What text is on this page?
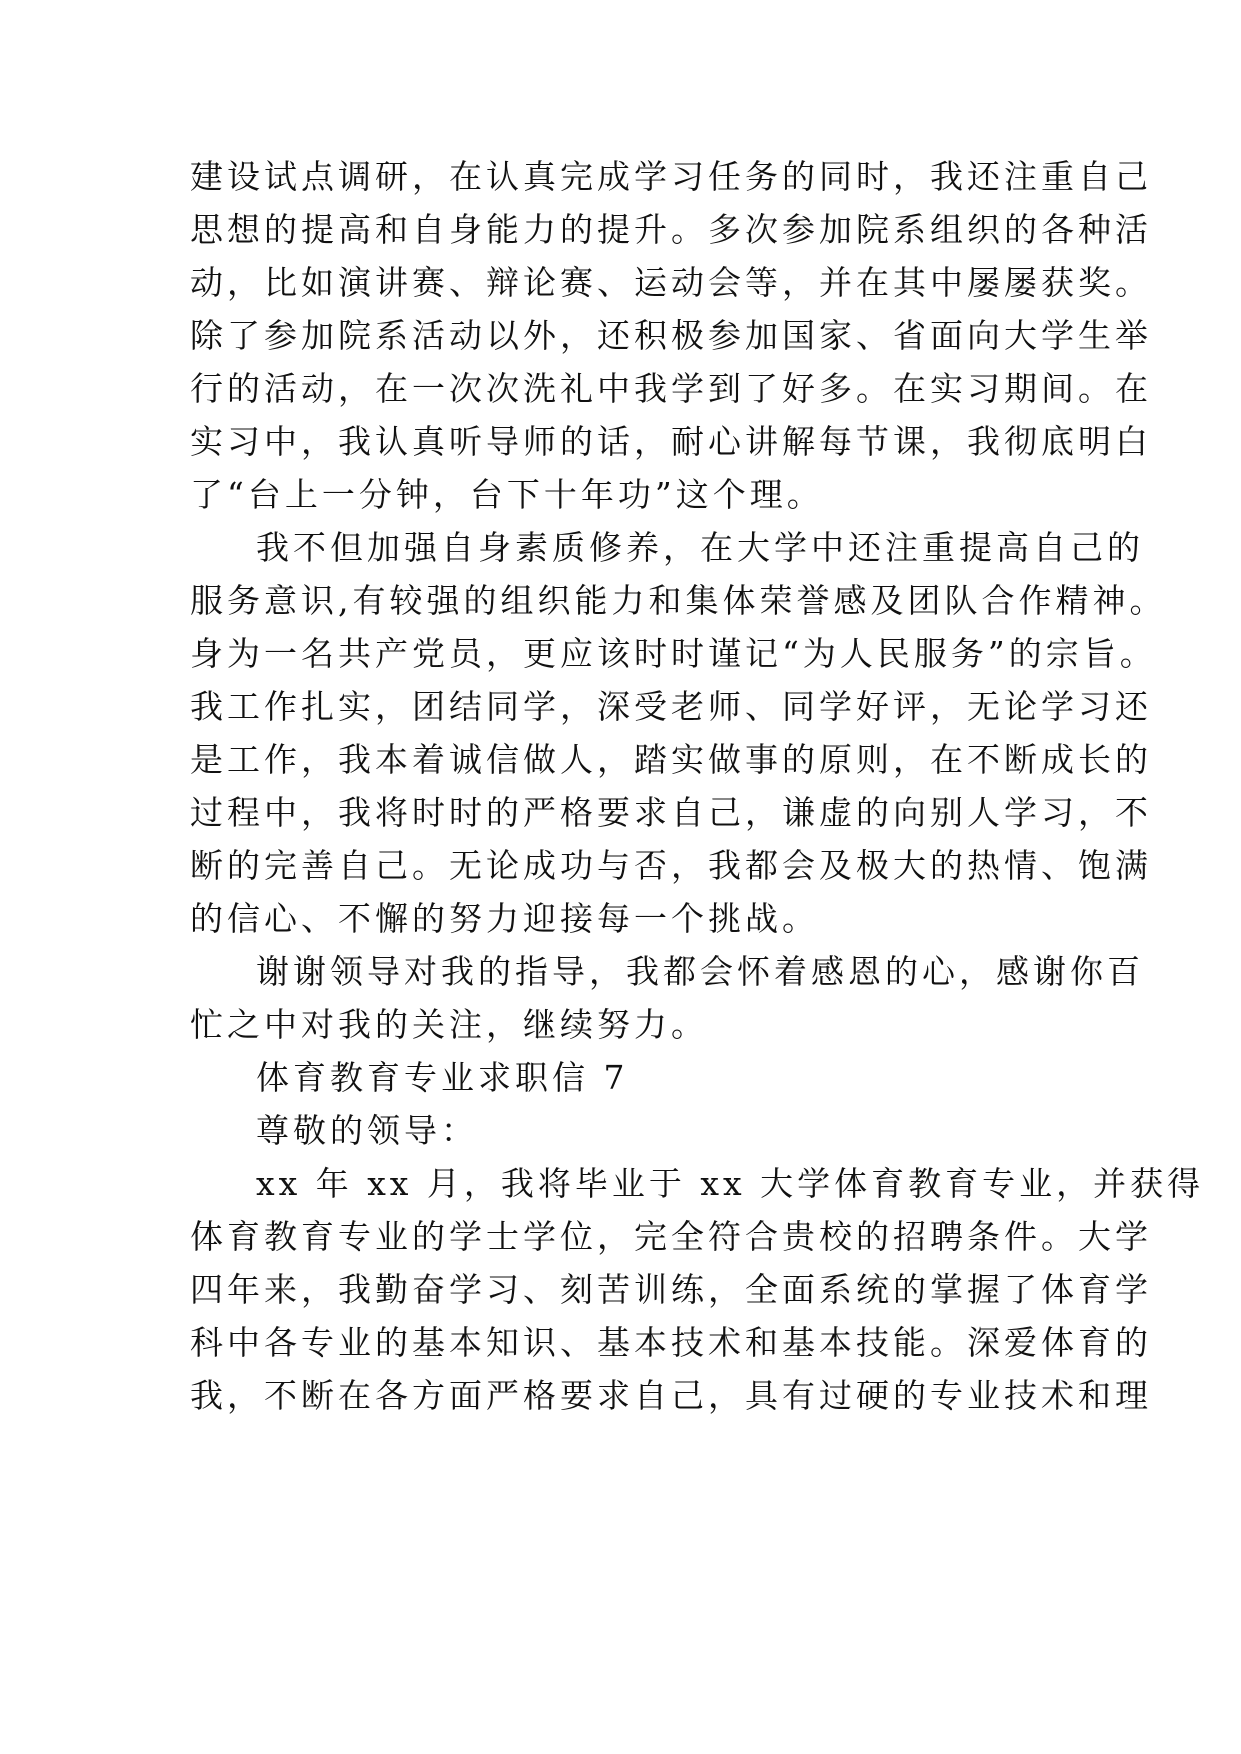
建设试点调研，在认真完成学习任务的同时，我还注重自己
思想的提高和自身能力的提升。多次参加院系组织的各种活
动，比如演讲赛、辩论赛、运动会等，并在其中屡屡获奖。
除了参加院系活动以外，还积极参加国家、省面向大学生举
行的活动，在一次次洗礼中我学到了好多。在实习期间。在
实习中，我认真听导师的话，耐心讲解每节课，我彻底明白
了“台上一分钟，台下十年功”这个理。
我不但加强自身素质修养，在大学中还注重提高自己的
服务意识,有较强的组织能力和集体荣誉感及团队合作精神。
身为一名共产党员，更应该时时谨记“为人民服务”的宗旨。
我工作扎实，团结同学，深受老师、同学好评，无论学习还
是工作，我本着诚信做人，踏实做事的原则，在不断成长的
过程中，我将时时的严格要求自己，谦虚的向别人学习，不
断的完善自己。无论成功与否，我都会及极大的热情、饱满
的信心、不懈的努力迎接每一个挑战。
谢谢领导对我的指导，我都会怀着感恩的心，感谢你百
忙之中对我的关注，继续努力。
体育教育专业求职信 7
尊敬的领导：
xx 年 xx 月，我将毕业于 xx 大学体育教育专业，并获得
体育教育专业的学士学位，完全符合贵校的招聘条件。大学
四年来，我勤奋学习、刻苦训练，全面系统的掌握了体育学
科中各专业的基本知识、基本技术和基本技能。深爱体育的
我，不断在各方面严格要求自己，具有过硬的专业技术和理
